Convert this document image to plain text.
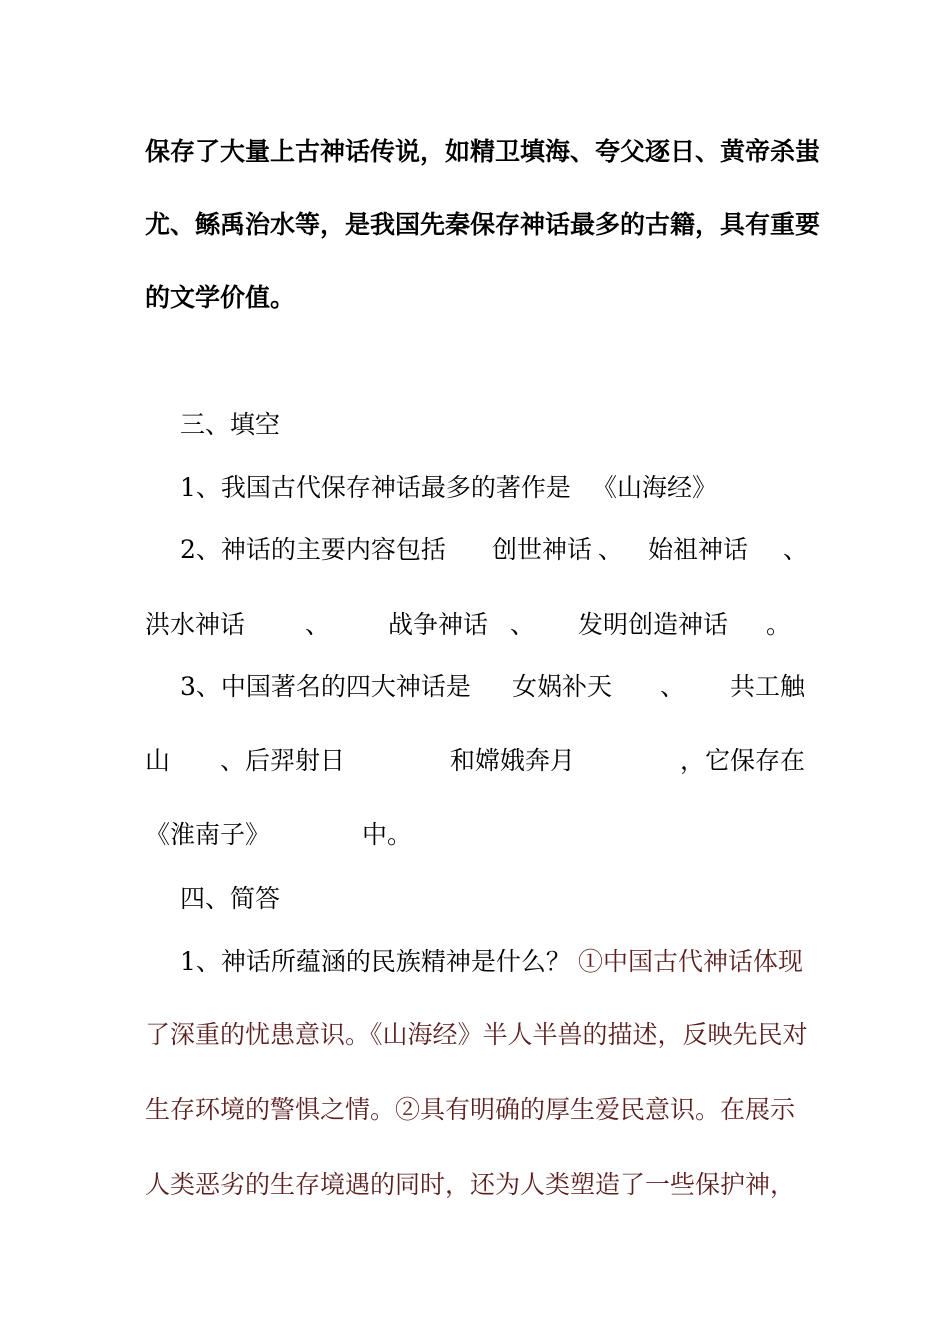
保存了大量上古神话传说，如精卫填海、夸父逐日、黄帝杀蚩
尤、鲧禹治水等，是我国先秦保存神话最多的古籍，具有重要
的文学价值。
三、填空
1、我国古代保存神话最多的著作是 《山海经》
2、神话的主要内容包括 创世神话 、 始祖神话 、
洪水神话 、 战争神话 、 发明创造神话 。
3、中国著名的四大神话是 女娲补天 、 共工触
山 、后羿射日	和嫦娥奔月	，它保存在
《淮南子》	中。
四、简答
1、神话所蕴涵的民族精神是什么？ ①中国古代神话体现
了深重的忧患意识。《山海经》半人半兽的描述，反映先民对
生存环境的警惧之情。②具有明确的厚生爱民意识。在展示
人类恶劣的生存境遇的同时，还为人类塑造了一些保护神，
